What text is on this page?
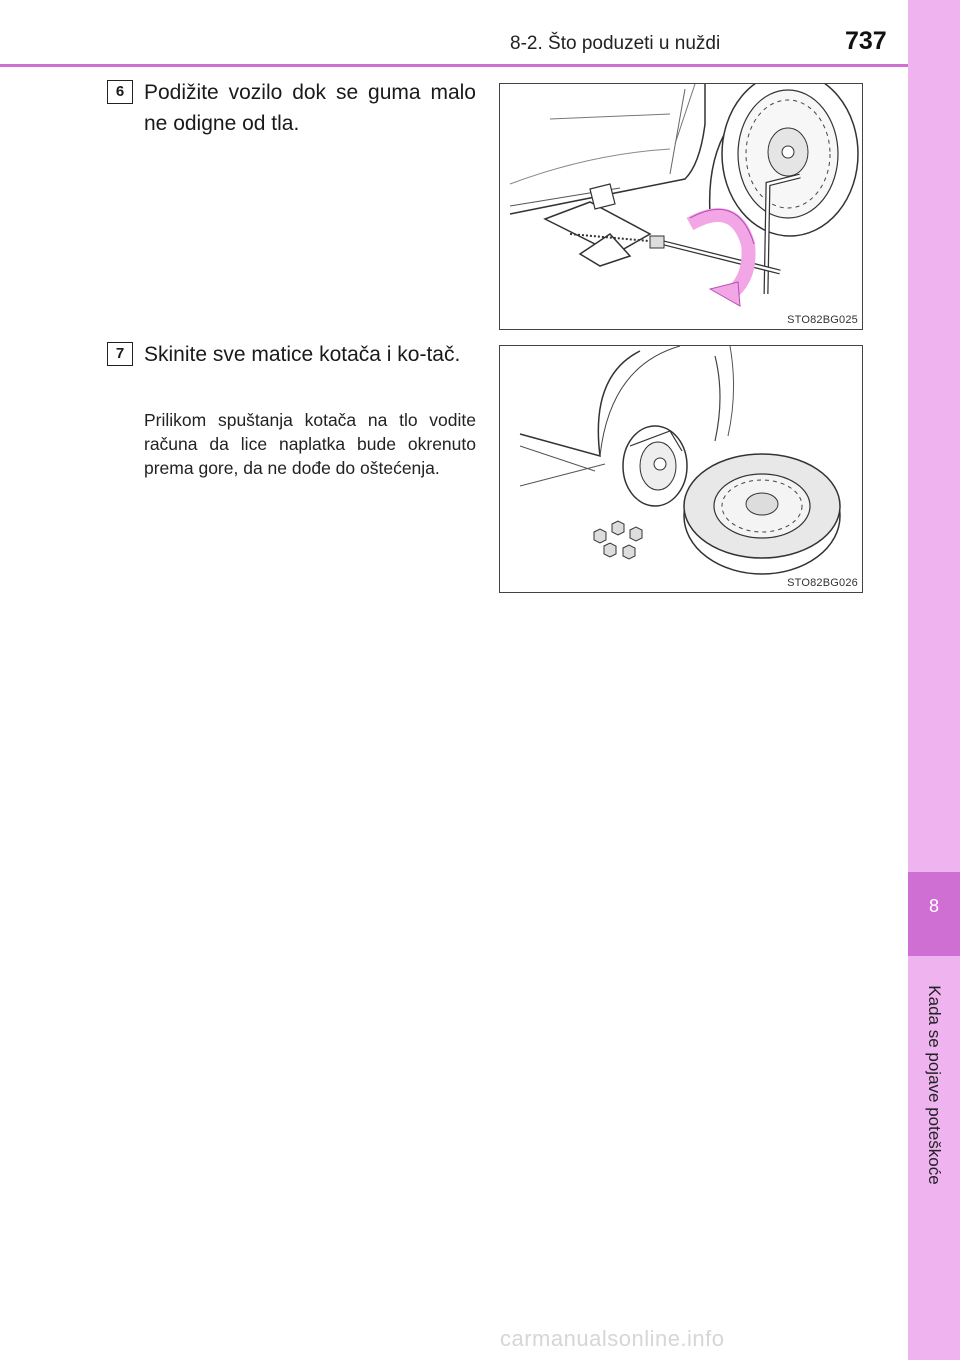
8
Kada se pojave poteškoće
8-2. Što poduzeti u nuždi	737
6 Podižite vozilo dok se guma malo ne odigne od tla.
STO82BG025
7 Skinite sve matice kotača i ko-tač.
Prilikom spuštanja kotača na tlo vodite računa da lice naplatka bude okrenuto prema gore, da ne dođe do oštećenja.
STO82BG026
carmanualsonline.info
